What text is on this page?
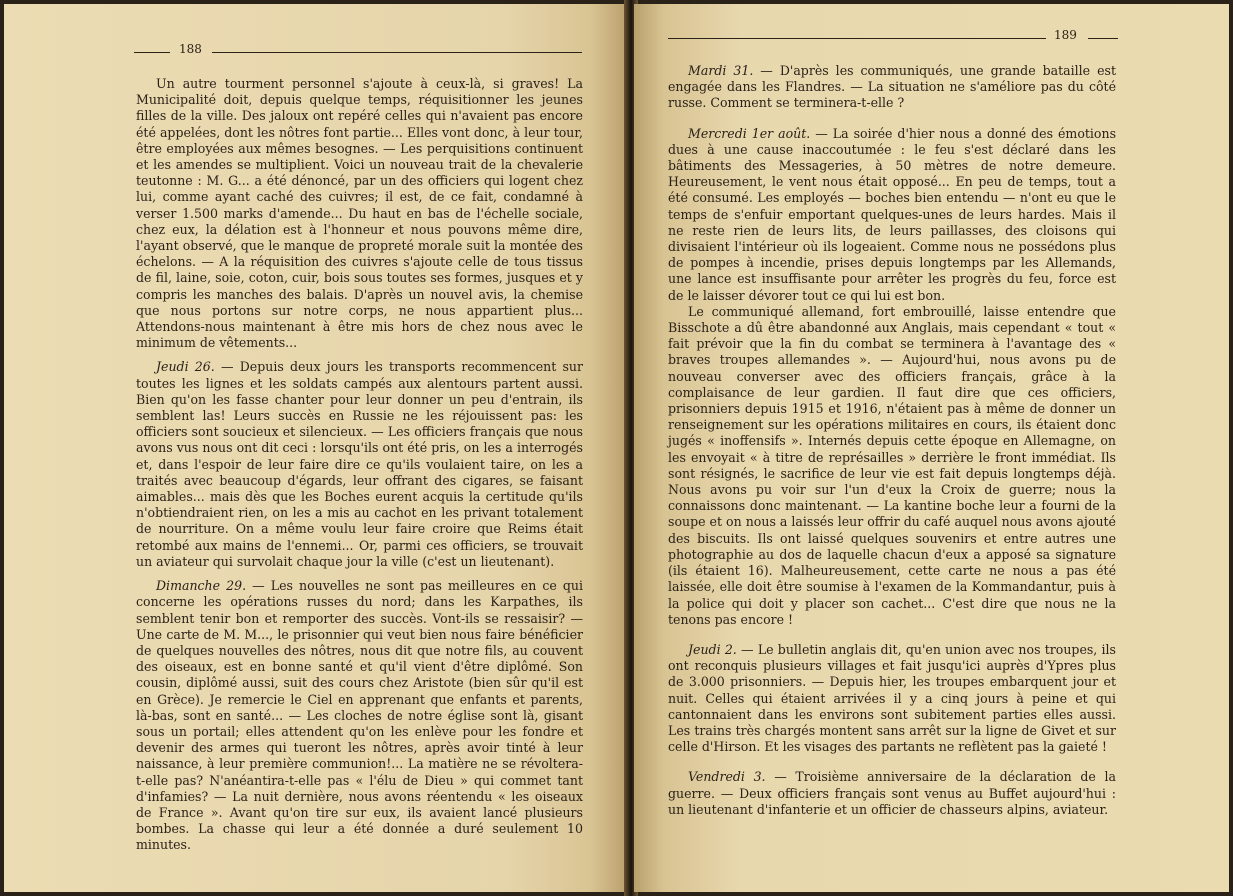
188

Un autre tourment personnel s'ajoute à ceux-là, si graves! La Municipalité doit, depuis quelque temps, réquisitionner les jeunes filles de la ville. Des jaloux ont repéré celles qui n'avaient pas encore été appelées, dont les nôtres font partie... Elles vont donc, à leur tour, être employées aux mêmes besognes. — Les perquisitions continuent et les amendes se multiplient. Voici un nouveau trait de la chevalerie teutonne : M. G... a été dénoncé, par un des officiers qui logent chez lui, comme ayant caché des cuivres; il est, de ce fait, condamné à verser 1.500 marks d'amende... Du haut en bas de l'échelle sociale, chez eux, la délation est à l'honneur et nous pouvons même dire, l'ayant observé, que le manque de propreté morale suit la montée des échelons. — A la réquisition des cuivres s'ajoute celle de tous tissus de fil, laine, soie, coton, cuir, bois sous toutes ses formes, jusques et y compris les manches des balais. D'après un nouvel avis, la chemise que nous portons sur notre corps, ne nous appartient plus... Attendons-nous maintenant à être mis hors de chez nous avec le minimum de vêtements...

Jeudi 26. — Depuis deux jours les transports recommencent sur toutes les lignes et les soldats campés aux alentours partent aussi. Bien qu'on les fasse chanter pour leur donner un peu d'entrain, ils semblent las! Leurs succès en Russie ne les réjouissent pas: les officiers sont soucieux et silencieux. — Les officiers français que nous avons vus nous ont dit ceci : lorsqu'ils ont été pris, on les a interrogés et, dans l'espoir de leur faire dire ce qu'ils voulaient taire, on les a traités avec beaucoup d'égards, leur offrant des cigares, se faisant aimables... mais dès que les Boches eurent acquis la certitude qu'ils n'obtiendraient rien, on les a mis au cachot en les privant totalement de nourriture. On a même voulu leur faire croire que Reims était retombé aux mains de l'ennemi... Or, parmi ces officiers, se trouvait un aviateur qui survolait chaque jour la ville (c'est un lieutenant).

Dimanche 29. — Les nouvelles ne sont pas meilleures en ce qui concerne les opérations russes du nord; dans les Karpathes, ils semblent tenir bon et remporter des succès. Vont-ils se ressaisir? — Une carte de M. M..., le prisonnier qui veut bien nous faire bénéficier de quelques nouvelles des nôtres, nous dit que notre fils, au couvent des oiseaux, est en bonne santé et qu'il vient d'être diplômé. Son cousin, diplômé aussi, suit des cours chez Aristote (bien sûr qu'il est en Grèce). Je remercie le Ciel en apprenant que enfants et parents, là-bas, sont en santé... — Les cloches de notre église sont là, gisant sous un portail; elles attendent qu'on les enlève pour les fondre et devenir des armes qui tueront les nôtres, après avoir tinté à leur naissance, à leur première communion!... La matière ne se révoltera-t-elle pas? N'anéantira-t-elle pas « l'élu de Dieu » qui commet tant d'infamies? — La nuit dernière, nous avons réentendu « les oiseaux de France ». Avant qu'on tire sur eux, ils avaient lancé plusieurs bombes. La chasse qui leur a été donnée a duré seulement 10 minutes.

189

Mardi 31. — D'après les communiqués, une grande bataille est engagée dans les Flandres. — La situation ne s'améliore pas du côté russe. Comment se terminera-t-elle ?

Mercredi 1er août. — La soirée d'hier nous a donné des émotions dues à une cause inaccoutumée : le feu s'est déclaré dans les bâtiments des Messageries, à 50 mètres de notre demeure. Heureusement, le vent nous était opposé... En peu de temps, tout a été consumé. Les employés — boches bien entendu — n'ont eu que le temps de s'enfuir emportant quelques-unes de leurs hardes. Mais il ne reste rien de leurs lits, de leurs paillasses, des cloisons qui divisaient l'intérieur où ils logeaient. Comme nous ne possédons plus de pompes à incendie, prises depuis longtemps par les Allemands, une lance est insuffisante pour arrêter les progrès du feu, force est de le laisser dévorer tout ce qui lui est bon.

Le communiqué allemand, fort embrouillé, laisse entendre que Bisschote a dû être abandonné aux Anglais, mais cependant « tout « fait prévoir que la fin du combat se terminera à l'avantage des « braves troupes allemandes ». — Aujourd'hui, nous avons pu de nouveau converser avec des officiers français, grâce à la complaisance de leur gardien. Il faut dire que ces officiers, prisonniers depuis 1915 et 1916, n'étaient pas à même de donner un renseignement sur les opérations militaires en cours, ils étaient donc jugés « inoffensifs ». Internés depuis cette époque en Allemagne, on les envoyait « à titre de représailles » derrière le front immédiat. Ils sont résignés, le sacrifice de leur vie est fait depuis longtemps déjà. Nous avons pu voir sur l'un d'eux la Croix de guerre; nous la connaissons donc maintenant. — La kantine boche leur a fourni de la soupe et on nous a laissés leur offrir du café auquel nous avons ajouté des biscuits. Ils ont laissé quelques souvenirs et entre autres une photographie au dos de laquelle chacun d'eux a apposé sa signature (ils étaient 16). Malheureusement, cette carte ne nous a pas été laissée, elle doit être soumise à l'examen de la Kommandantur, puis à la police qui doit y placer son cachet... C'est dire que nous ne la tenons pas encore !

Jeudi 2. — Le bulletin anglais dit, qu'en union avec nos troupes, ils ont reconquis plusieurs villages et fait jusqu'ici auprès d'Ypres plus de 3.000 prisonniers. — Depuis hier, les troupes embarquent jour et nuit. Celles qui étaient arrivées il y a cinq jours à peine et qui cantonnaient dans les environs sont subitement parties elles aussi. Les trains très chargés montent sans arrêt sur la ligne de Givet et sur celle d'Hirson. Et les visages des partants ne reflètent pas la gaieté !

Vendredi 3. — Troisième anniversaire de la déclaration de la guerre. — Deux officiers français sont venus au Buffet aujourd'hui : un lieutenant d'infanterie et un officier de chasseurs alpins, aviateur.
